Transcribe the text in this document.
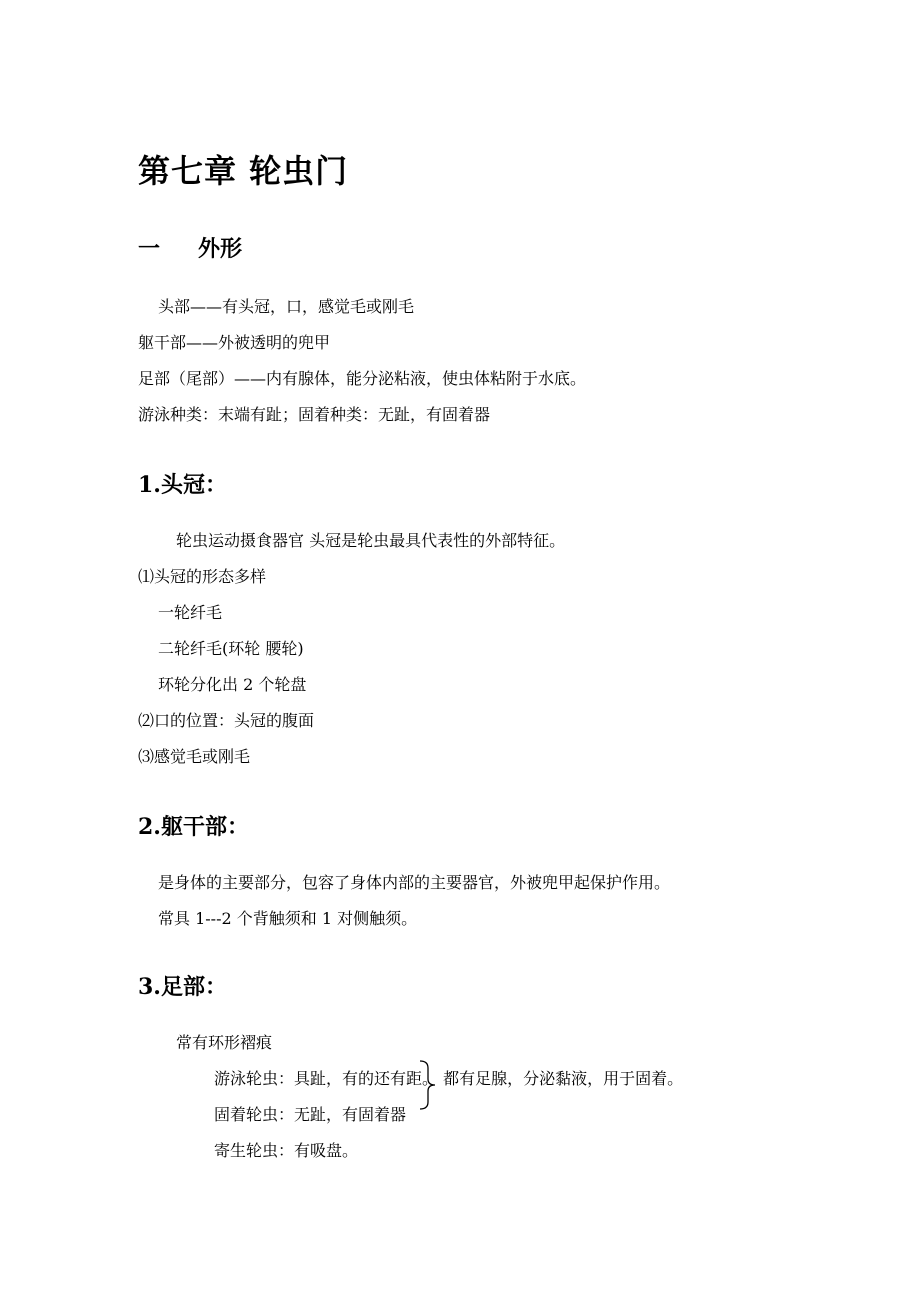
第七章 轮虫门
一 外形
头部——有头冠，口，感觉毛或刚毛
躯干部——外被透明的兜甲
足部（尾部）——内有腺体，能分泌粘液，使虫体粘附于水底。
游泳种类：末端有趾；固着种类：无趾，有固着器
1.头冠：
轮虫运动摄食器官 头冠是轮虫最具代表性的外部特征。
⑴头冠的形态多样
一轮纤毛
二轮纤毛(环轮 腰轮)
环轮分化出 2 个轮盘
⑵口的位置：头冠的腹面
⑶感觉毛或刚毛
2.躯干部：
是身体的主要部分，包容了身体内部的主要器官，外被兜甲起保护作用。
常具 1---2 个背触须和 1 对侧触须。
3.足部：
常有环形褶痕
游泳轮虫：具趾，有的还有距。 都有足腺，分泌黏液，用于固着。
固着轮虫：无趾，有固着器
寄生轮虫：有吸盘。
